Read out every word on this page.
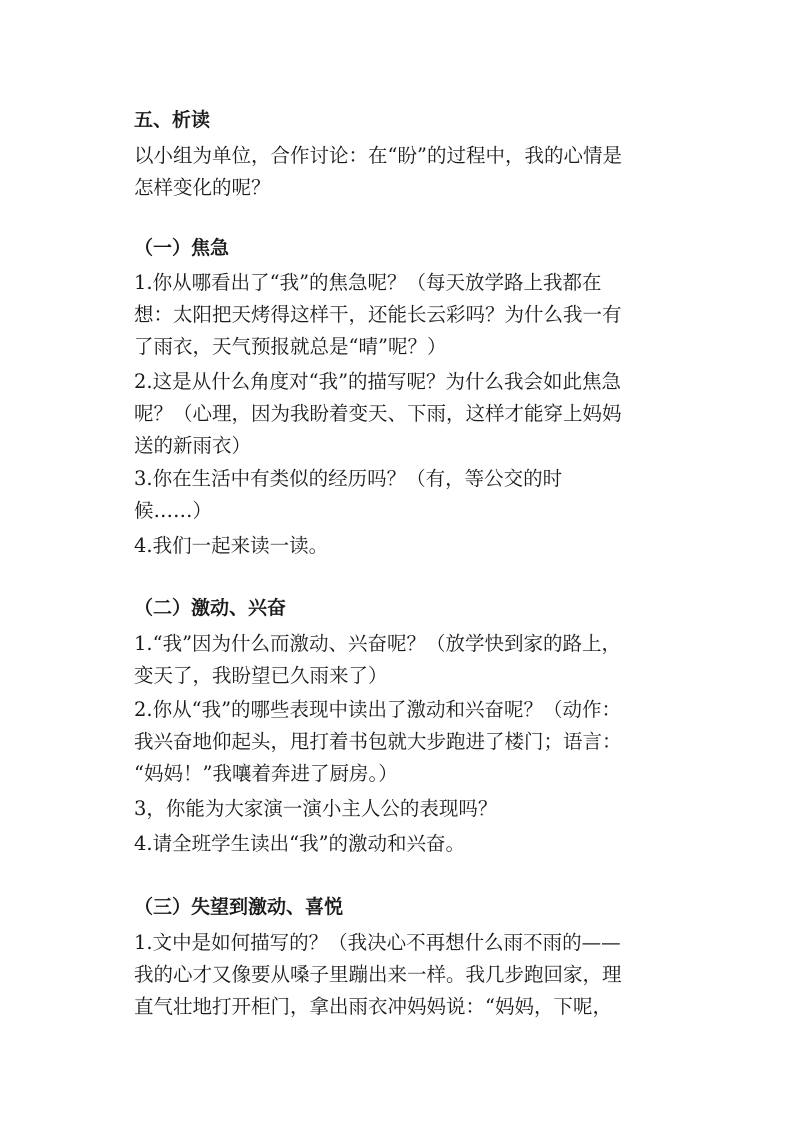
五、析读
以小组为单位，合作讨论：在“盼”的过程中，我的心情是
怎样变化的呢？
（一）焦急
1.你从哪看出了“我”的焦急呢？（每天放学路上我都在
想：太阳把天烤得这样干，还能长云彩吗？为什么我一有
了雨衣，天气预报就总是“晴”呢？）
2.这是从什么角度对“我”的描写呢？为什么我会如此焦急
呢？（心理，因为我盼着变天、下雨，这样才能穿上妈妈
送的新雨衣）
3.你在生活中有类似的经历吗？（有，等公交的时
候……）
4.我们一起来读一读。
（二）激动、兴奋
1.“我”因为什么而激动、兴奋呢？（放学快到家的路上，
变天了，我盼望已久雨来了）
2.你从“我”的哪些表现中读出了激动和兴奋呢？（动作：
我兴奋地仰起头，甩打着书包就大步跑进了楼门；语言：
“妈妈！”我嚷着奔进了厨房。）
3，你能为大家演一演小主人公的表现吗？
4.请全班学生读出“我”的激动和兴奋。
（三）失望到激动、喜悦
1.文中是如何描写的？（我决心不再想什么雨不雨的——
我的心才又像要从嗓子里蹦出来一样。我几步跑回家，理
直气壮地打开柜门，拿出雨衣冲妈妈说：“妈妈，下呢，
